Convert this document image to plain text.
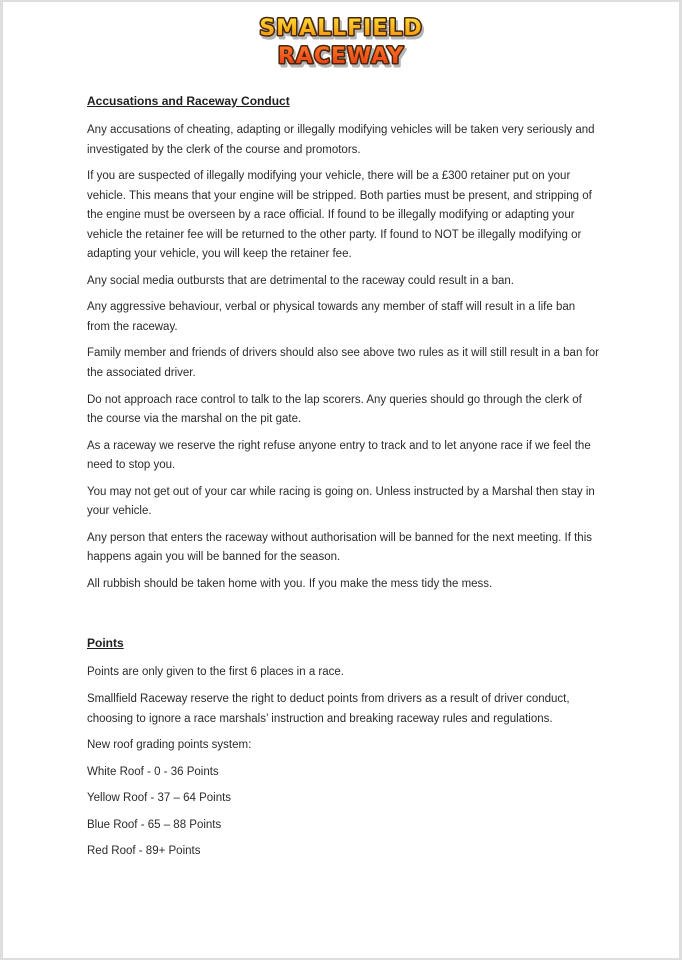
SMALLFIELD
RACEWAY
Accusations and Raceway Conduct

Any accusations of cheating, adapting or illegally modifying vehicles will be taken very seriously and investigated by the clerk of the course and promotors.

If you are suspected of illegally modifying your vehicle, there will be a £300 retainer put on your vehicle. This means that your engine will be stripped. Both parties must be present, and stripping of the engine must be overseen by a race official. If found to be illegally modifying or adapting your vehicle the retainer fee will be returned to the other party. If found to NOT be illegally modifying or adapting your vehicle, you will keep the retainer fee.

Any social media outbursts that are detrimental to the raceway could result in a ban.

Any aggressive behaviour, verbal or physical towards any member of staff will result in a life ban from the raceway.

Family member and friends of drivers should also see above two rules as it will still result in a ban for the associated driver.

Do not approach race control to talk to the lap scorers. Any queries should go through the clerk of the course via the marshal on the pit gate.

As a raceway we reserve the right refuse anyone entry to track and to let anyone race if we feel the need to stop you.

You may not get out of your car while racing is going on. Unless instructed by a Marshal then stay in your vehicle.

Any person that enters the raceway without authorisation will be banned for the next meeting. If this happens again you will be banned for the season.

All rubbish should be taken home with you. If you make the mess tidy the mess.

Points

Points are only given to the first 6 places in a race.

Smallfield Raceway reserve the right to deduct points from drivers as a result of driver conduct, choosing to ignore a race marshals’ instruction and breaking raceway rules and regulations.

New roof grading points system:

White Roof - 0 - 36 Points

Yellow Roof - 37 – 64 Points

Blue Roof - 65 – 88 Points

Red Roof - 89+ Points
